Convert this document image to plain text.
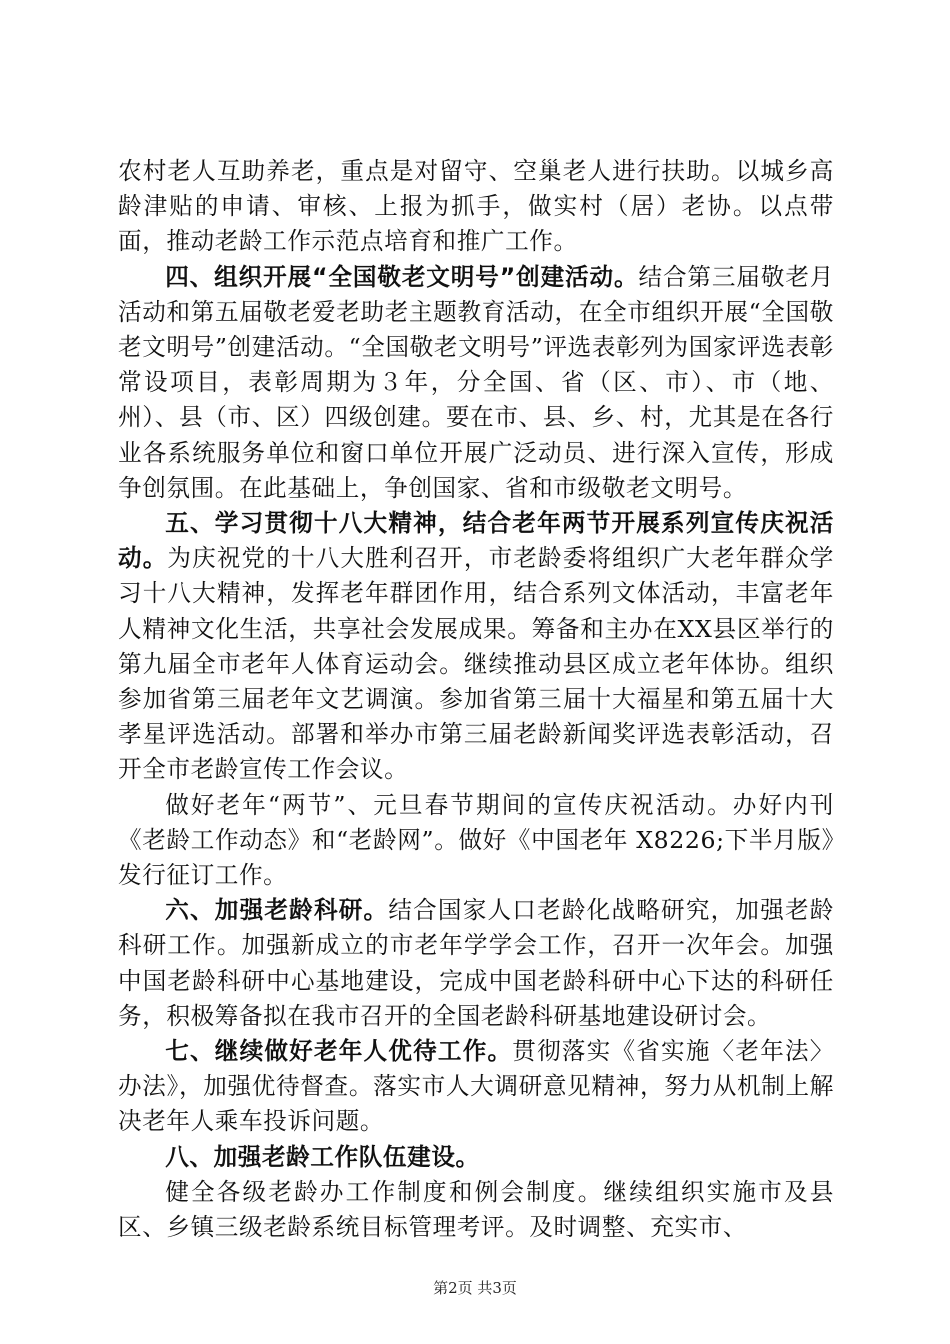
农村老人互助养老，重点是对留守、空巢老人进行扶助。以城乡高龄津贴的申请、审核、上报为抓手，做实村（居）老协。以点带面，推动老龄工作示范点培育和推广工作。

四、组织开展“全国敬老文明号”创建活动。结合第三届敬老月活动和第五届敬老爱老助老主题教育活动，在全市组织开展“全国敬老文明号”创建活动。“全国敬老文明号”评选表彰列为国家评选表彰常设项目，表彰周期为３年，分全国、省（区、市）、市（地、州）、县（市、区）四级创建。要在市、县、乡、村，尤其是在各行业各系统服务单位和窗口单位开展广泛动员、进行深入宣传，形成争创氛围。在此基础上，争创国家、省和市级敬老文明号。

五、学习贯彻十八大精神，结合老年两节开展系列宣传庆祝活动。为庆祝党的十八大胜利召开，市老龄委将组织广大老年群众学习十八大精神，发挥老年群团作用，结合系列文体活动，丰富老年人精神文化生活，共享社会发展成果。筹备和主办在XX县区举行的第九届全市老年人体育运动会。继续推动县区成立老年体协。组织参加省第三届老年文艺调演。参加省第三届十大福星和第五届十大孝星评选活动。部署和举办市第三届老龄新闻奖评选表彰活动，召开全市老龄宣传工作会议。

做好老年“两节”、元旦春节期间的宣传庆祝活动。办好内刊《老龄工作动态》和“老龄网”。做好《中国老年 X8226;下半月版》发行征订工作。

六、加强老龄科研。结合国家人口老龄化战略研究，加强老龄科研工作。加强新成立的市老年学学会工作，召开一次年会。加强中国老龄科研中心基地建设，完成中国老龄科研中心下达的科研任务，积极筹备拟在我市召开的全国老龄科研基地建设研讨会。

七、继续做好老年人优待工作。贯彻落实《省实施〈老年法〉办法》，加强优待督查。落实市人大调研意见精神，努力从机制上解决老年人乘车投诉问题。

八、加强老龄工作队伍建设。

健全各级老龄办工作制度和例会制度。继续组织实施市及县区、乡镇三级老龄系统目标管理考评。及时调整、充实市、

第2页 共3页
